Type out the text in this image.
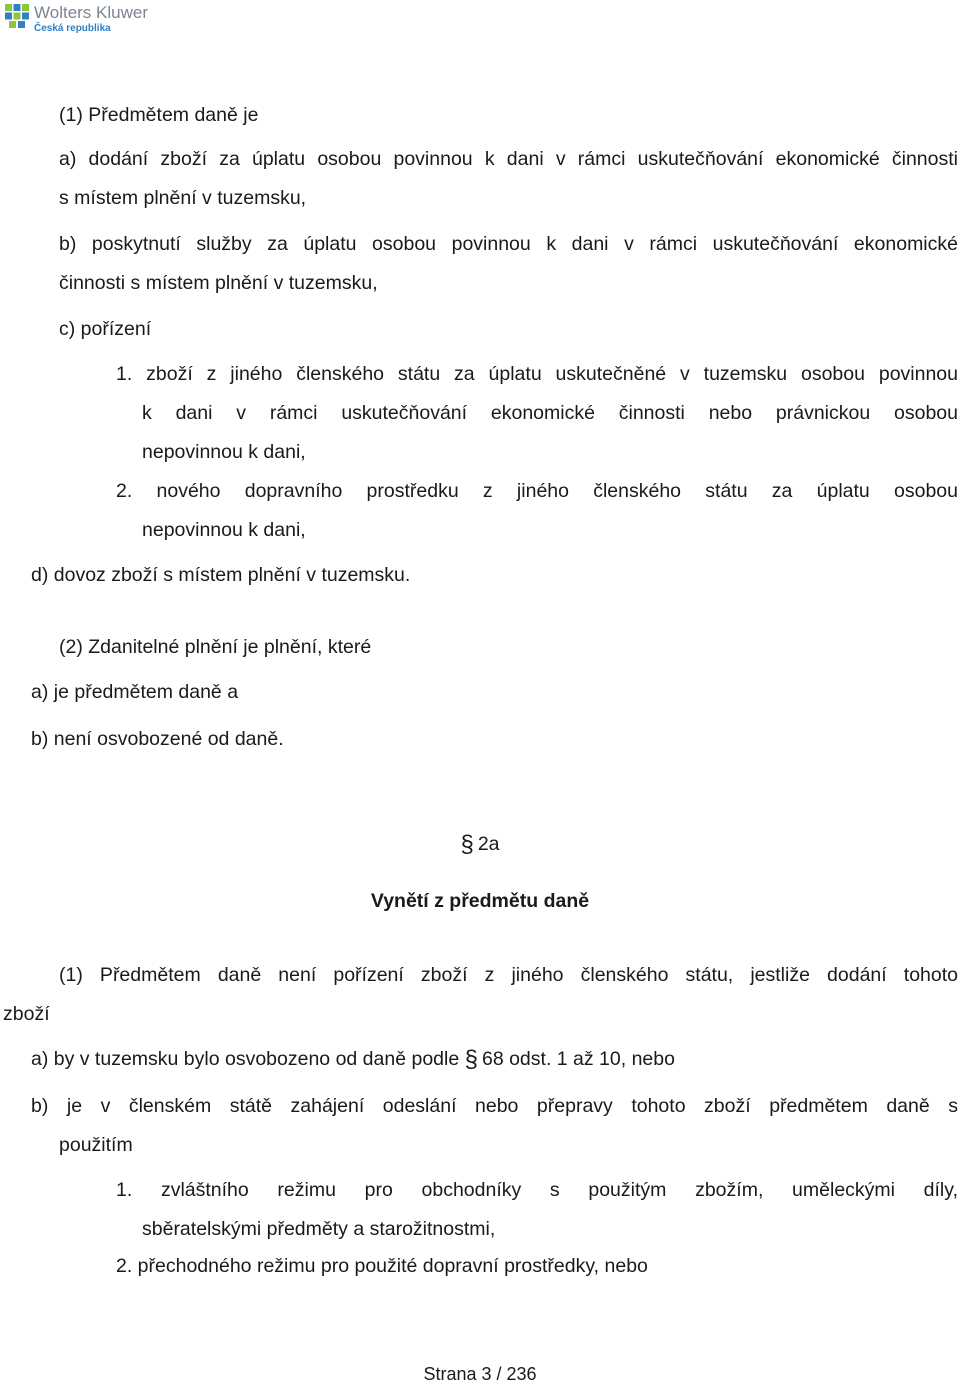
Wolters Kluwer
Česká republika
(1) Předmětem daně je
a) dodání zboží za úplatu osobou povinnou k dani v rámci uskutečňování ekonomické činnosti
s místem plnění v tuzemsku,
b) poskytnutí služby za úplatu osobou povinnou k dani v rámci uskutečňování ekonomické
činnosti s místem plnění v tuzemsku,
c) pořízení
1. zboží z jiného členského státu za úplatu uskutečněné v tuzemsku osobou povinnou
k dani v rámci uskutečňování ekonomické činnosti nebo právnickou osobou
nepovinnou k dani,
2. nového dopravního prostředku z jiného členského státu za úplatu osobou
nepovinnou k dani,
d) dovoz zboží s místem plnění v tuzemsku.
(2) Zdanitelné plnění je plnění, které
a) je předmětem daně a
b) není osvobozené od daně.
§ 2a
Vynětí z předmětu daně
(1) Předmětem daně není pořízení zboží z jiného členského státu, jestliže dodání tohoto
zboží
a) by v tuzemsku bylo osvobozeno od daně podle § 68 odst. 1 až 10, nebo
b) je v členském státě zahájení odeslání nebo přepravy tohoto zboží předmětem daně s
použitím
1. zvláštního režimu pro obchodníky s použitým zbožím, uměleckými díly,
sběratelskými předměty a starožitnostmi,
2. přechodného režimu pro použité dopravní prostředky, nebo
Strana 3 / 236
